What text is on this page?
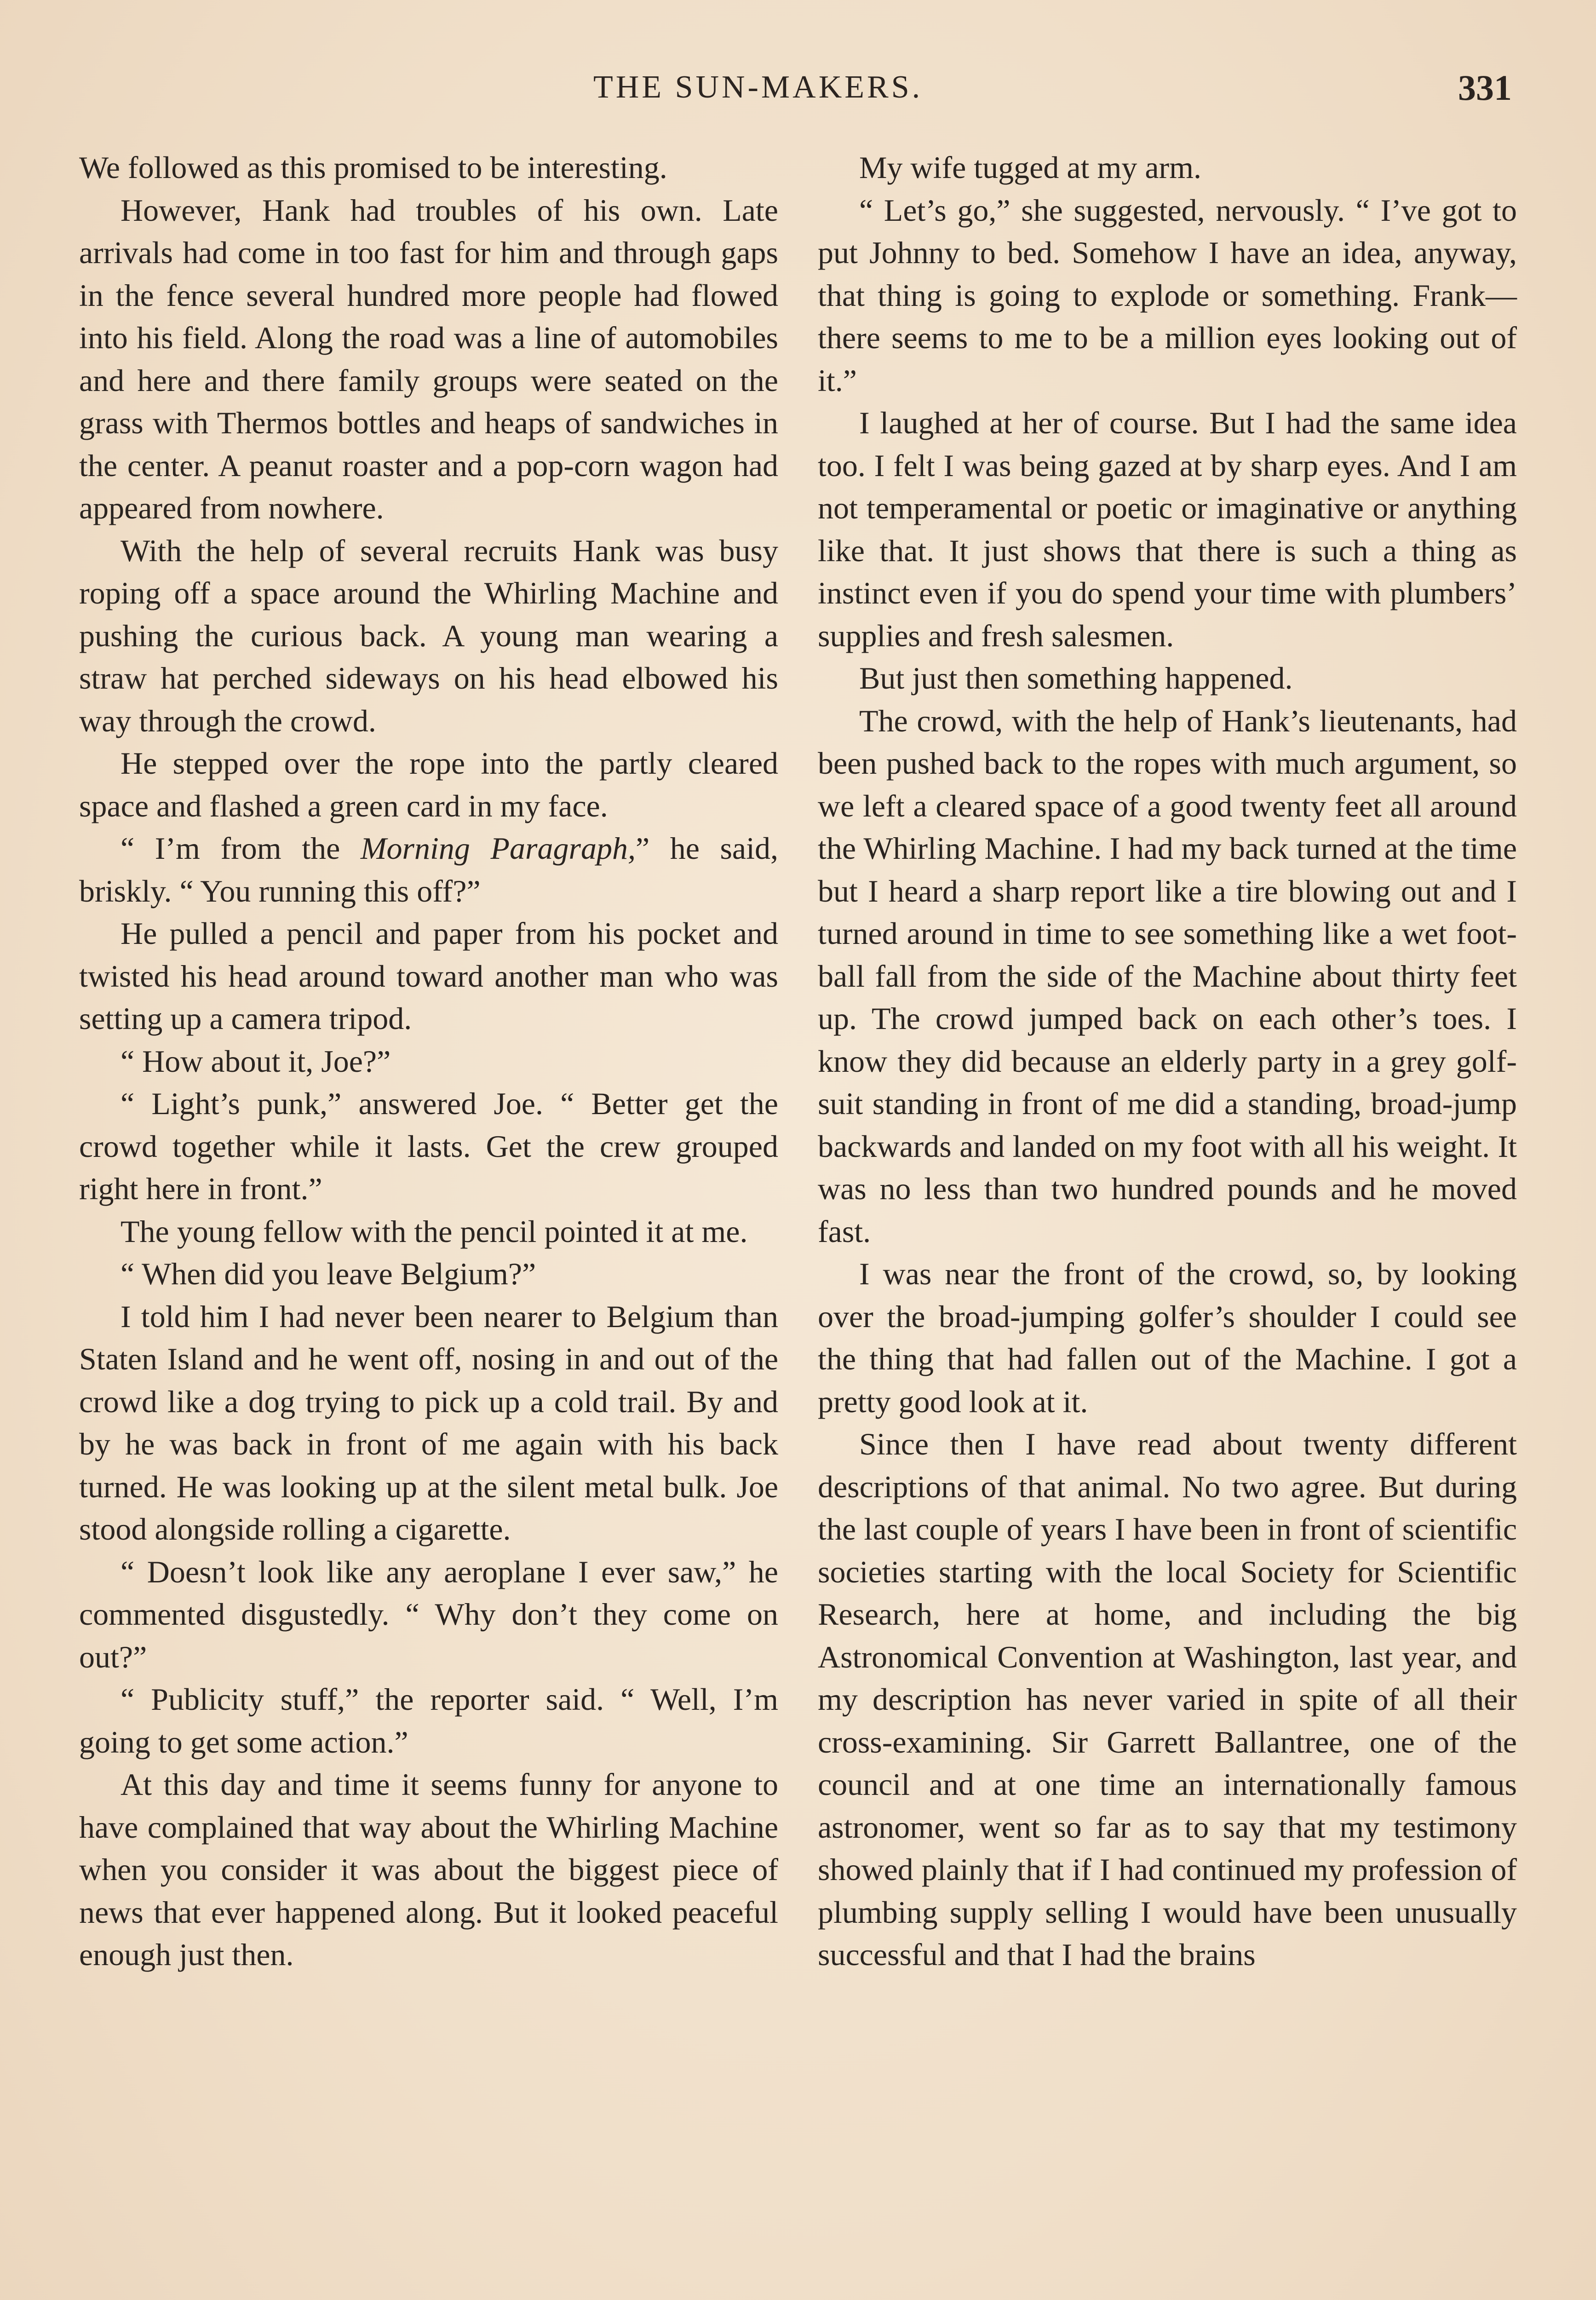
THE SUN-MAKERS.	331

We followed as this promised to be interesting.

However, Hank had troubles of his own. Late arrivals had come in too fast for him and through gaps in the fence several hundred more people had flowed into his field. Along the road was a line of automobiles and here and there family groups were seated on the grass with Thermos bottles and heaps of sandwiches in the center. A peanut roaster and a pop-corn wagon had appeared from nowhere.

With the help of several recruits Hank was busy roping off a space around the Whirling Machine and pushing the curious back. A young man wearing a straw hat perched sideways on his head elbowed his way through the crowd.

He stepped over the rope into the partly cleared space and flashed a green card in my face.

“ I’m from the Morning Paragraph,” he said, briskly. “ You running this off?”

He pulled a pencil and paper from his pocket and twisted his head around toward another man who was setting up a camera tripod.

“ How about it, Joe?”

“ Light’s punk,” answered Joe. “ Better get the crowd together while it lasts. Get the crew grouped right here in front.”

The young fellow with the pencil pointed it at me.

“ When did you leave Belgium?”

I told him I had never been nearer to Belgium than Staten Island and he went off, nosing in and out of the crowd like a dog trying to pick up a cold trail. By and by he was back in front of me again with his back turned. He was looking up at the silent metal bulk. Joe stood alongside rolling a cigarette.

“ Doesn’t look like any aeroplane I ever saw,” he commented disgustedly. “ Why don’t they come on out?”

“ Publicity stuff,” the reporter said. “ Well, I’m going to get some action.”

At this day and time it seems funny for anyone to have complained that way about the Whirling Machine when you consider it was about the biggest piece of news that ever happened along. But it looked peaceful enough just then.

My wife tugged at my arm.

“ Let’s go,” she suggested, nervously. “ I’ve got to put Johnny to bed. Somehow I have an idea, anyway, that thing is going to explode or something. Frank—there seems to me to be a million eyes looking out of it.”

I laughed at her of course. But I had the same idea too. I felt I was being gazed at by sharp eyes. And I am not temperamental or poetic or imaginative or anything like that. It just shows that there is such a thing as instinct even if you do spend your time with plumbers’ supplies and fresh salesmen.

But just then something happened.

The crowd, with the help of Hank’s lieutenants, had been pushed back to the ropes with much argument, so we left a cleared space of a good twenty feet all around the Whirling Machine. I had my back turned at the time but I heard a sharp report like a tire blowing out and I turned around in time to see something like a wet foot-ball fall from the side of the Machine about thirty feet up. The crowd jumped back on each other’s toes. I know they did because an elderly party in a grey golf-suit standing in front of me did a standing, broad-jump backwards and landed on my foot with all his weight. It was no less than two hundred pounds and he moved fast.

I was near the front of the crowd, so, by looking over the broad-jumping golfer’s shoulder I could see the thing that had fallen out of the Machine. I got a pretty good look at it.

Since then I have read about twenty different descriptions of that animal. No two agree. But during the last couple of years I have been in front of scientific societies starting with the local Society for Scientific Research, here at home, and including the big Astronomical Convention at Washington, last year, and my description has never varied in spite of all their cross-examining. Sir Garrett Ballantree, one of the council and at one time an internationally famous astronomer, went so far as to say that my testimony showed plainly that if I had continued my profession of plumbing supply selling I would have been unusually successful and that I had the brains
